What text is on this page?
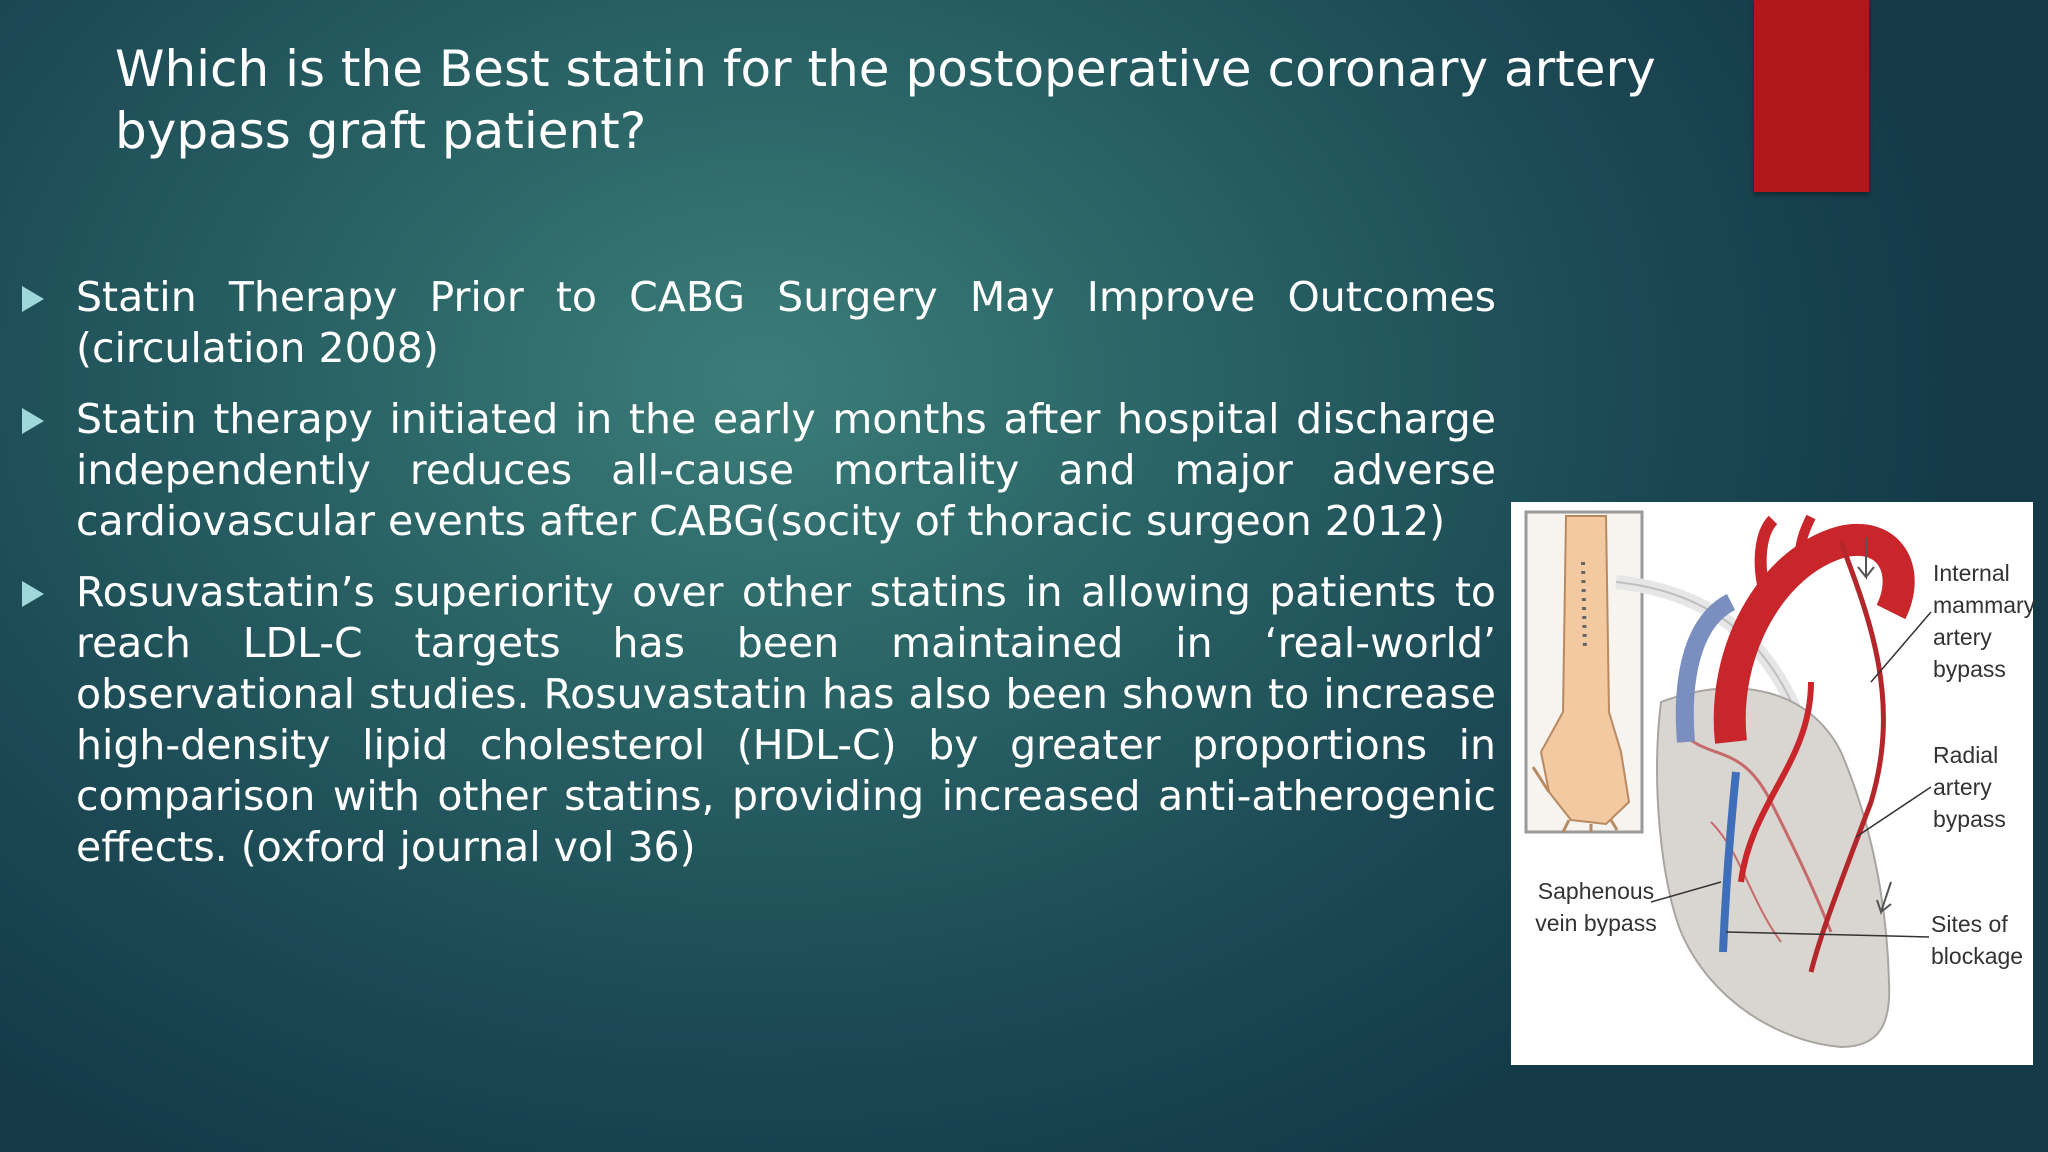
Which is the Best statin for the postoperative coronary artery bypass graft patient?
Statin Therapy Prior to CABG Surgery May Improve Outcomes (circulation 2008)
Statin therapy initiated in the early months after hospital discharge independently reduces all-cause mortality and major adverse cardiovascular events after CABG(socity of thoracic surgeon 2012)
Rosuvastatin’s superiority over other statins in allowing patients to reach LDL-C targets has been maintained in ‘real-world’ observational studies. Rosuvastatin has also been shown to increase high-density lipid cholesterol (HDL-C) by greater proportions in comparison with other statins, providing increased anti-atherogenic effects. (oxford journal vol 36)
Internal mammary artery bypass
Radial artery bypass
Saphenous vein bypass	Sites of blockage
